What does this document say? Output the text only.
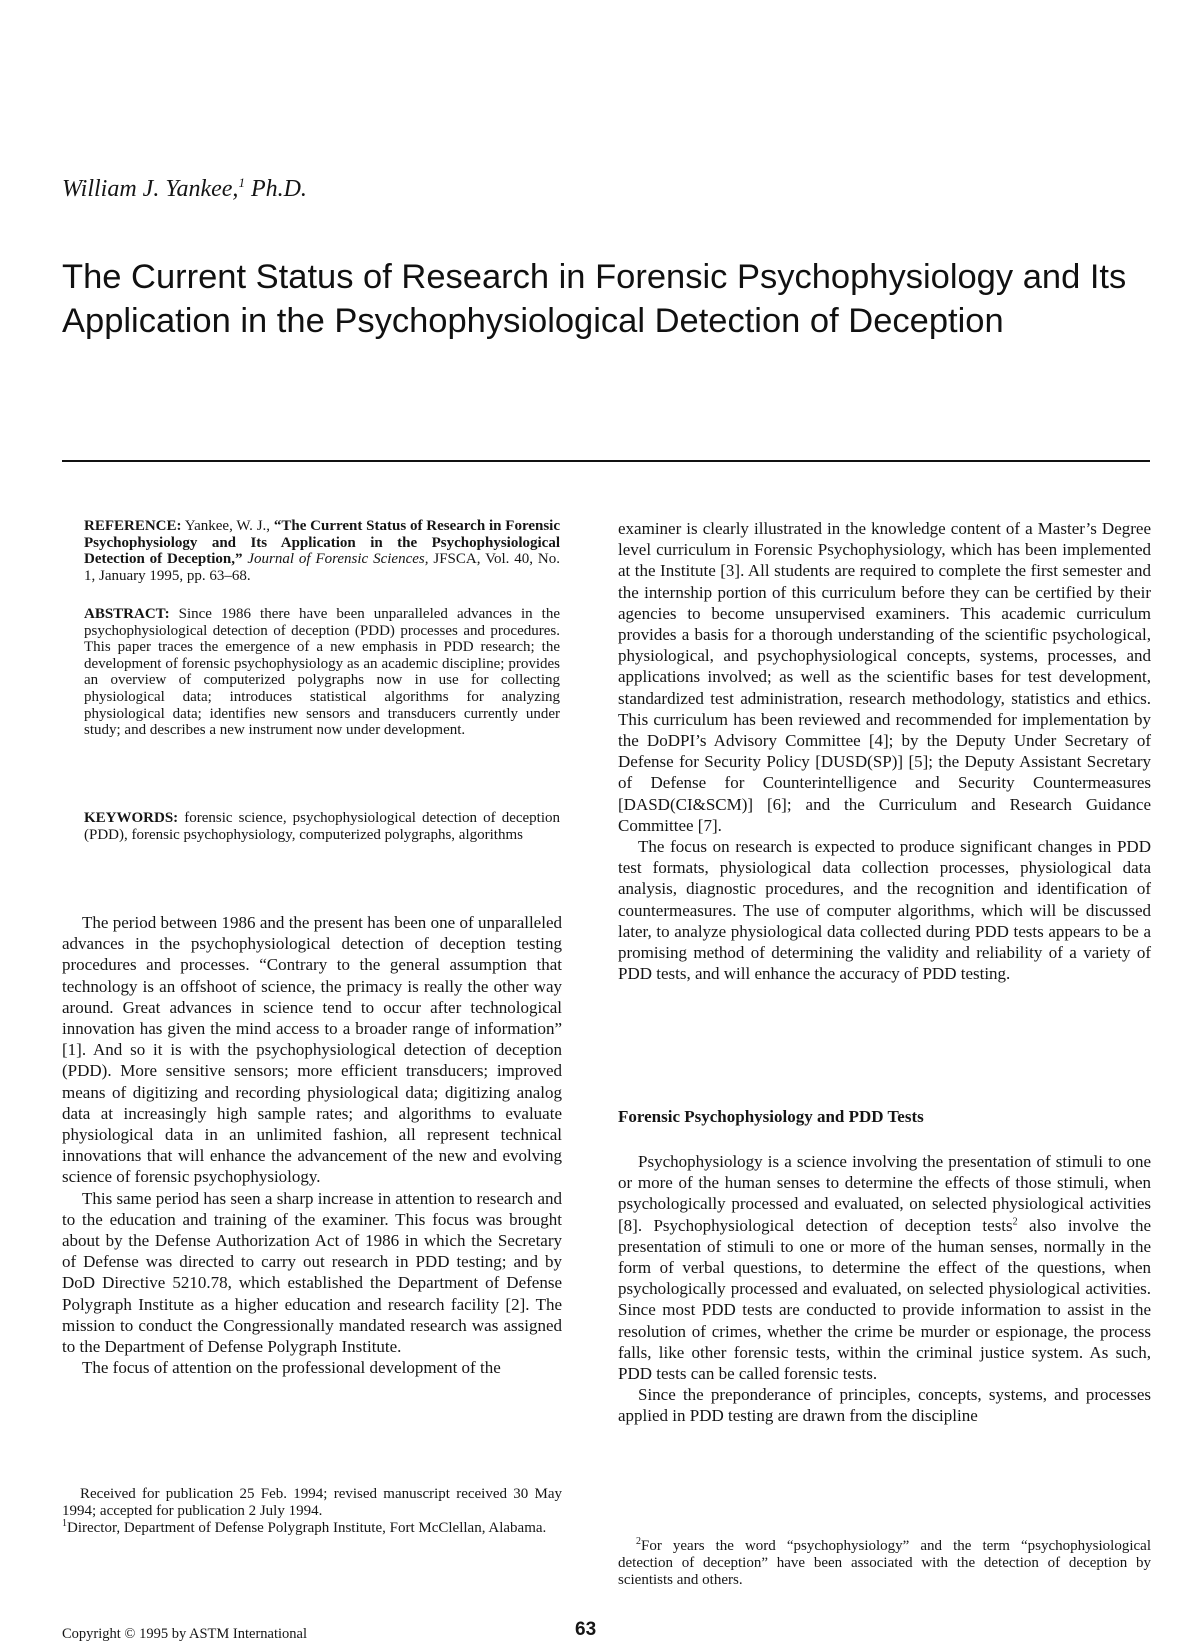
William J. Yankee,$^1$ Ph.D.
The Current Status of Research in Forensic Psychophysiology and Its Application in the Psychophysiological Detection of Deception

REFERENCE: Yankee, W. J., “The Current Status of Research in Forensic Psychophysiology and Its Application in the Psychophysiological Detection of Deception,” Journal of Forensic Sciences, JFSCA, Vol. 40, No. 1, January 1995, pp. 63–68.

ABSTRACT: Since 1986 there have been unparalleled advances in the psychophysiological detection of deception (PDD) processes and procedures. This paper traces the emergence of a new emphasis in PDD research; the development of forensic psychophysiology as an academic discipline; provides an overview of computerized polygraphs now in use for collecting physiological data; introduces statistical algorithms for analyzing physiological data; identifies new sensors and transducers currently under study; and describes a new instrument now under development.

KEYWORDS: forensic science, psychophysiological detection of deception (PDD), forensic psychophysiology, computerized polygraphs, algorithms

The period between 1986 and the present has been one of unparalleled advances in the psychophysiological detection of deception testing procedures and processes. “Contrary to the general assumption that technology is an offshoot of science, the primacy is really the other way around. Great advances in science tend to occur after technological innovation has given the mind access to a broader range of information” [1]. And so it is with the psychophysiological detection of deception (PDD). More sensitive sensors; more efficient transducers; improved means of digitizing and recording physiological data; digitizing analog data at increasingly high sample rates; and algorithms to evaluate physiological data in an unlimited fashion, all represent technical innovations that will enhance the advancement of the new and evolving science of forensic psychophysiology.

This same period has seen a sharp increase in attention to research and to the education and training of the examiner. This focus was brought about by the Defense Authorization Act of 1986 in which the Secretary of Defense was directed to carry out research in PDD testing; and by DoD Directive 5210.78, which established the Department of Defense Polygraph Institute as a higher education and research facility [2]. The mission to conduct the Congressionally mandated research was assigned to the Department of Defense Polygraph Institute.

The focus of attention on the professional development of the

examiner is clearly illustrated in the knowledge content of a Master’s Degree level curriculum in Forensic Psychophysiology, which has been implemented at the Institute [3]. All students are required to complete the first semester and the internship portion of this curriculum before they can be certified by their agencies to become unsupervised examiners. This academic curriculum provides a basis for a thorough understanding of the scientific psychological, physiological, and psychophysiological concepts, systems, processes, and applications involved; as well as the scientific bases for test development, standardized test administration, research methodology, statistics and ethics. This curriculum has been reviewed and recommended for implementation by the DoDPI’s Advisory Committee [4]; by the Deputy Under Secretary of Defense for Security Policy [DUSD(SP)] [5]; the Deputy Assistant Secretary of Defense for Counterintelligence and Security Countermeasures [DASD(CI&SCM)] [6]; and the Curriculum and Research Guidance Committee [7].

The focus on research is expected to produce significant changes in PDD test formats, physiological data collection processes, physiological data analysis, diagnostic procedures, and the recognition and identification of countermeasures. The use of computer algorithms, which will be discussed later, to analyze physiological data collected during PDD tests appears to be a promising method of determining the validity and reliability of a variety of PDD tests, and will enhance the accuracy of PDD testing.

Forensic Psychophysiology and PDD Tests

Psychophysiology is a science involving the presentation of stimuli to one or more of the human senses to determine the effects of those stimuli, when psychologically processed and evaluated, on selected physiological activities [8]. Psychophysiological detection of deception tests$^2$ also involve the presentation of stimuli to one or more of the human senses, normally in the form of verbal questions, to determine the effect of the questions, when psychologically processed and evaluated, on selected physiological activities. Since most PDD tests are conducted to provide information to assist in the resolution of crimes, whether the crime be murder or espionage, the process falls, like other forensic tests, within the criminal justice system. As such, PDD tests can be called forensic tests.

Since the preponderance of principles, concepts, systems, and processes applied in PDD testing are drawn from the discipline

Received for publication 25 Feb. 1994; revised manuscript received 30 May 1994; accepted for publication 2 July 1994.

$^1$Director, Department of Defense Polygraph Institute, Fort McClellan, Alabama.

$^2$For years the word “psychophysiology” and the term “psychophysiological detection of deception” have been associated with the detection of deception by scientists and others.

Copyright © 1995 by ASTM International	63
